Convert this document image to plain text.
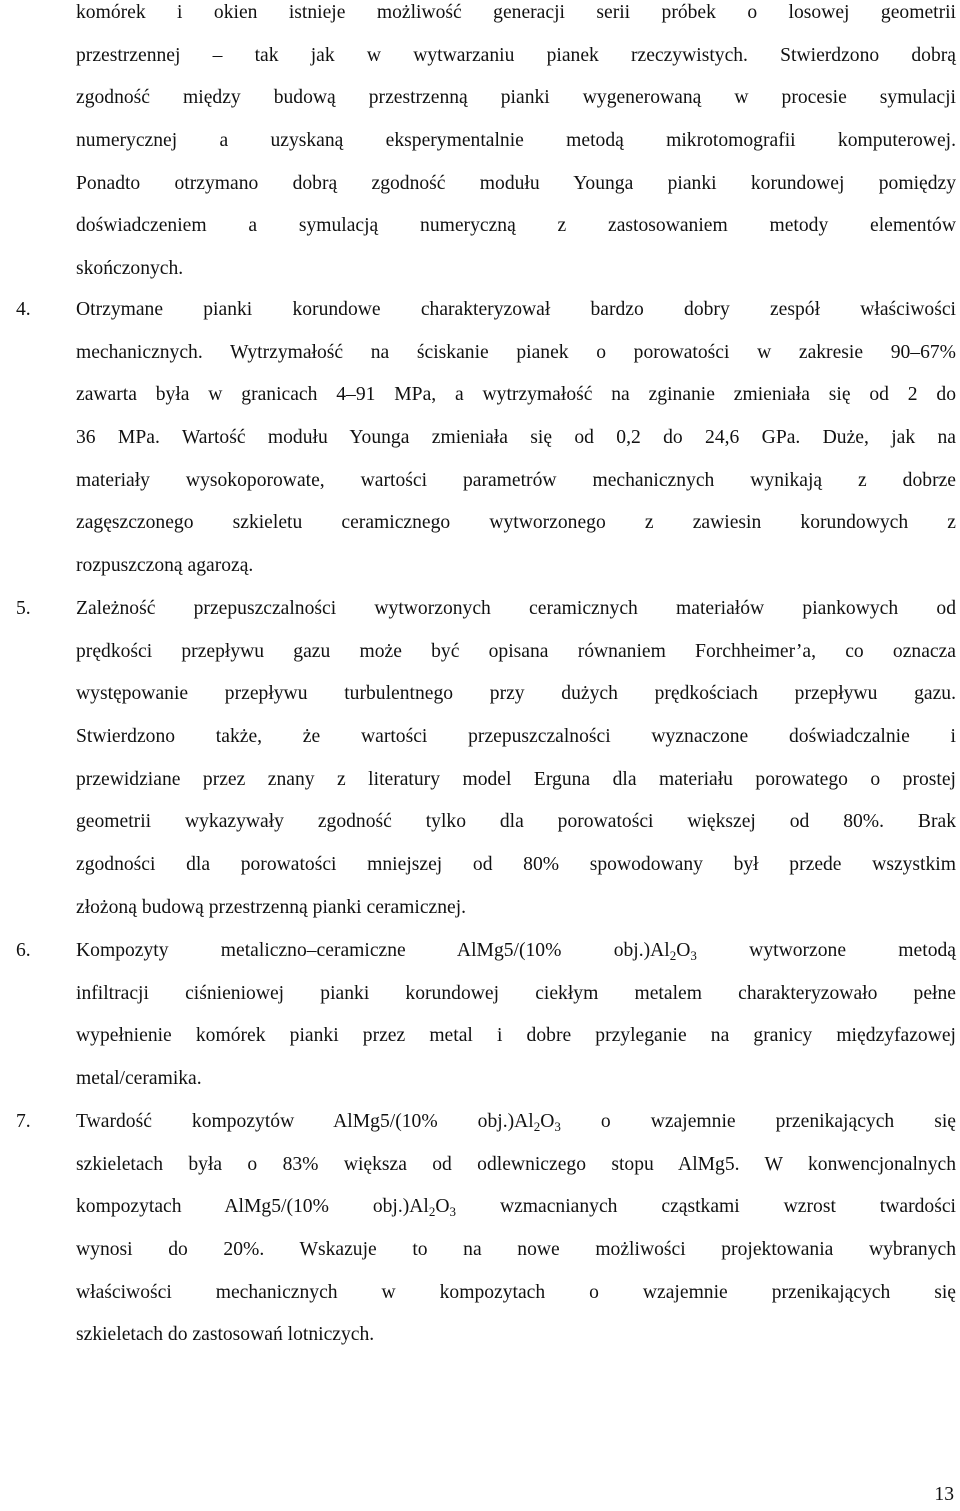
komórek i okien istnieje możliwość generacji serii próbek o losowej geometrii
przestrzennej – tak jak w wytwarzaniu pianek rzeczywistych. Stwierdzono dobrą
zgodność między budową przestrzenną pianki wygenerowaną w procesie symulacji
numerycznej a uzyskaną eksperymentalnie metodą mikrotomografii komputerowej.
Ponadto otrzymano dobrą zgodność modułu Younga pianki korundowej pomiędzy
doświadczeniem a symulacją numeryczną z zastosowaniem metody elementów
skończonych.
4.	Otrzymane pianki korundowe charakteryzował bardzo dobry zespół właściwości
mechanicznych. Wytrzymałość na ściskanie pianek o porowatości w zakresie 90–67%
zawarta była w granicach 4–91 MPa, a wytrzymałość na zginanie zmieniała się od 2 do
36 MPa. Wartość modułu Younga zmieniała się od 0,2 do 24,6 GPa. Duże, jak na
materiały wysokoporowate, wartości parametrów mechanicznych wynikają z dobrze
zagęszczonego szkieletu ceramicznego wytworzonego z zawiesin korundowych z
rozpuszczoną agarozą.
5.	Zależność przepuszczalności wytworzonych ceramicznych materiałów piankowych od
prędkości przepływu gazu może być opisana równaniem Forchheimer’a, co oznacza
występowanie przepływu turbulentnego przy dużych prędkościach przepływu gazu.
Stwierdzono także, że wartości przepuszczalności wyznaczone doświadczalnie i
przewidziane przez znany z literatury model Erguna dla materiału porowatego o prostej
geometrii wykazywały zgodność tylko dla porowatości większej od 80%. Brak
zgodności dla porowatości mniejszej od 80% spowodowany był przede wszystkim
złożoną budową przestrzenną pianki ceramicznej.
6.	Kompozyty metaliczno–ceramiczne AlMg5/(10% $obj.)Al_2O_3$ wytworzone metodą
infiltracji ciśnieniowej pianki korundowej ciekłym metalem charakteryzowało pełne
wypełnienie komórek pianki przez metal i dobre przyleganie na granicy międzyfazowej
metal/ceramika.
7.	Twardość kompozytów AlMg5/(10% $obj.)Al_2O_3$ o wzajemnie przenikających się
szkieletach była o 83% większa od odlewniczego stopu AlMg5. W konwencjonalnych
kompozytach AlMg5/(10% $obj.)Al_2O_3$ wzmacnianych cząstkami wzrost twardości
wynosi do 20%. Wskazuje to na nowe możliwości projektowania wybranych
właściwości mechanicznych w kompozytach o wzajemnie przenikających się
szkieletach do zastosowań lotniczych.
13
